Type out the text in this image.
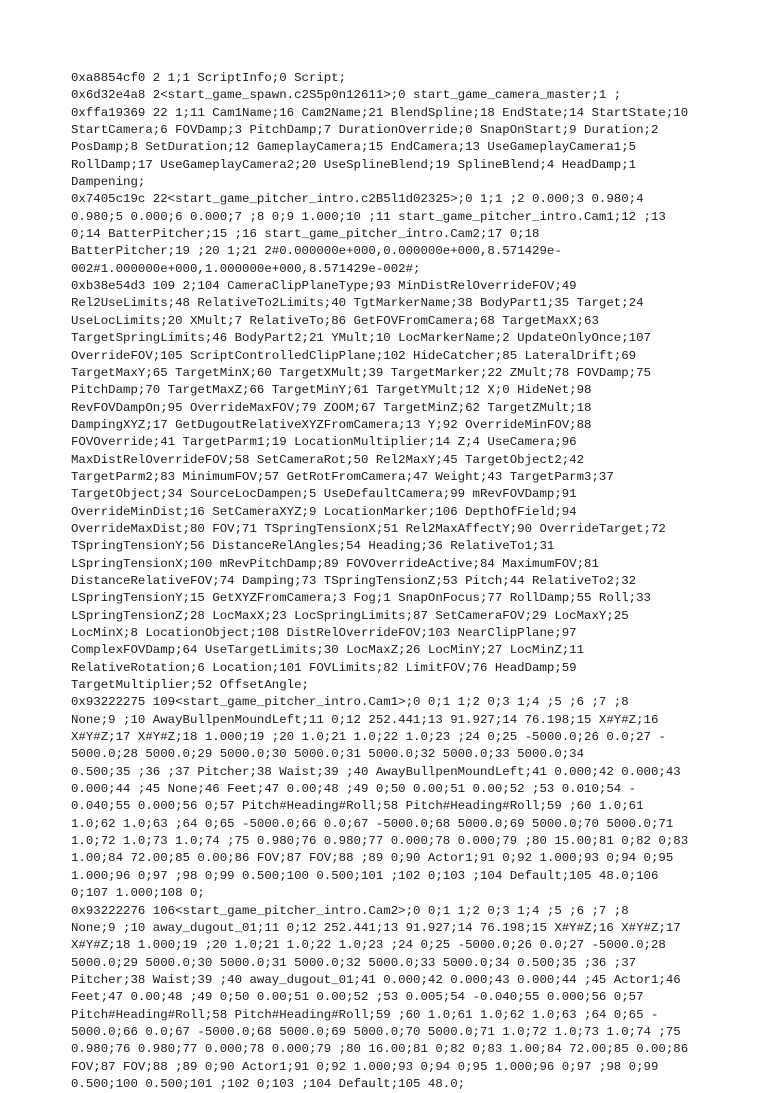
0xa8854cf0 2 1;1 ScriptInfo;0 Script;
0x6d32e4a8 2<start_game_spawn.c2S5p0n12611>;0 start_game_camera_master;1 ;
0xffa19369 22 1;11 Cam1Name;16 Cam2Name;21 BlendSpline;18 EndState;14 StartState;10
StartCamera;6 FOVDamp;3 PitchDamp;7 DurationOverride;0 SnapOnStart;9 Duration;2
PosDamp;8 SetDuration;12 GameplayCamera;15 EndCamera;13 UseGameplayCamera1;5
RollDamp;17 UseGameplayCamera2;20 UseSplineBlend;19 SplineBlend;4 HeadDamp;1
Dampening;
0x7405c19c 22<start_game_pitcher_intro.c2B5l1d02325>;0 1;1 ;2 0.000;3 0.980;4
0.980;5 0.000;6 0.000;7 ;8 0;9 1.000;10 ;11 start_game_pitcher_intro.Cam1;12 ;13
0;14 BatterPitcher;15 ;16 start_game_pitcher_intro.Cam2;17 0;18
BatterPitcher;19 ;20 1;21 2#0.000000e+000,0.000000e+000,8.571429e-
002#1.000000e+000,1.000000e+000,8.571429e-002#;
0xb38e54d3 109 2;104 CameraClipPlaneType;93 MinDistRelOverrideFOV;49
Rel2UseLimits;48 RelativeTo2Limits;40 TgtMarkerName;38 BodyPart1;35 Target;24
UseLocLimits;20 XMult;7 RelativeTo;86 GetFOVFromCamera;68 TargetMaxX;63
TargetSpringLimits;46 BodyPart2;21 YMult;10 LocMarkerName;2 UpdateOnlyOnce;107
OverrideFOV;105 ScriptControlledClipPlane;102 HideCatcher;85 LateralDrift;69
TargetMaxY;65 TargetMinX;60 TargetXMult;39 TargetMarker;22 ZMult;78 FOVDamp;75
PitchDamp;70 TargetMaxZ;66 TargetMinY;61 TargetYMult;12 X;0 HideNet;98
RevFOVDampOn;95 OverrideMaxFOV;79 ZOOM;67 TargetMinZ;62 TargetZMult;18
DampingXYZ;17 GetDugoutRelativeXYZFromCamera;13 Y;92 OverrideMinFOV;88
FOVOverride;41 TargetParm1;19 LocationMultiplier;14 Z;4 UseCamera;96
MaxDistRelOverrideFOV;58 SetCameraRot;50 Rel2MaxY;45 TargetObject2;42
TargetParm2;83 MinimumFOV;57 GetRotFromCamera;47 Weight;43 TargetParm3;37
TargetObject;34 SourceLocDampen;5 UseDefaultCamera;99 mRevFOVDamp;91
OverrideMinDist;16 SetCameraXYZ;9 LocationMarker;106 DepthOfField;94
OverrideMaxDist;80 FOV;71 TSpringTensionX;51 Rel2MaxAffectY;90 OverrideTarget;72
TSpringTensionY;56 DistanceRelAngles;54 Heading;36 RelativeTo1;31
LSpringTensionX;100 mRevPitchDamp;89 FOVOverrideActive;84 MaximumFOV;81
DistanceRelativeFOV;74 Damping;73 TSpringTensionZ;53 Pitch;44 RelativeTo2;32
LSpringTensionY;15 GetXYZFromCamera;3 Fog;1 SnapOnFocus;77 RollDamp;55 Roll;33
LSpringTensionZ;28 LocMaxX;23 LocSpringLimits;87 SetCameraFOV;29 LocMaxY;25
LocMinX;8 LocationObject;108 DistRelOverrideFOV;103 NearClipPlane;97
ComplexFOVDamp;64 UseTargetLimits;30 LocMaxZ;26 LocMinY;27 LocMinZ;11
RelativeRotation;6 Location;101 FOVLimits;82 LimitFOV;76 HeadDamp;59
TargetMultiplier;52 OffsetAngle;
0x93222275 109<start_game_pitcher_intro.Cam1>;0 0;1 1;2 0;3 1;4 ;5 ;6 ;7 ;8
None;9 ;10 AwayBullpenMoundLeft;11 0;12 252.441;13 91.927;14 76.198;15 X#Y#Z;16
X#Y#Z;17 X#Y#Z;18 1.000;19 ;20 1.0;21 1.0;22 1.0;23 ;24 0;25 -5000.0;26 0.0;27 -
5000.0;28 5000.0;29 5000.0;30 5000.0;31 5000.0;32 5000.0;33 5000.0;34
0.500;35 ;36 ;37 Pitcher;38 Waist;39 ;40 AwayBullpenMoundLeft;41 0.000;42 0.000;43
0.000;44 ;45 None;46 Feet;47 0.00;48 ;49 0;50 0.00;51 0.00;52 ;53 0.010;54 -
0.040;55 0.000;56 0;57 Pitch#Heading#Roll;58 Pitch#Heading#Roll;59 ;60 1.0;61
1.0;62 1.0;63 ;64 0;65 -5000.0;66 0.0;67 -5000.0;68 5000.0;69 5000.0;70 5000.0;71
1.0;72 1.0;73 1.0;74 ;75 0.980;76 0.980;77 0.000;78 0.000;79 ;80 15.00;81 0;82 0;83
1.00;84 72.00;85 0.00;86 FOV;87 FOV;88 ;89 0;90 Actor1;91 0;92 1.000;93 0;94 0;95
1.000;96 0;97 ;98 0;99 0.500;100 0.500;101 ;102 0;103 ;104 Default;105 48.0;106
0;107 1.000;108 0;
0x93222276 106<start_game_pitcher_intro.Cam2>;0 0;1 1;2 0;3 1;4 ;5 ;6 ;7 ;8
None;9 ;10 away_dugout_01;11 0;12 252.441;13 91.927;14 76.198;15 X#Y#Z;16 X#Y#Z;17
X#Y#Z;18 1.000;19 ;20 1.0;21 1.0;22 1.0;23 ;24 0;25 -5000.0;26 0.0;27 -5000.0;28
5000.0;29 5000.0;30 5000.0;31 5000.0;32 5000.0;33 5000.0;34 0.500;35 ;36 ;37
Pitcher;38 Waist;39 ;40 away_dugout_01;41 0.000;42 0.000;43 0.000;44 ;45 Actor1;46
Feet;47 0.00;48 ;49 0;50 0.00;51 0.00;52 ;53 0.005;54 -0.040;55 0.000;56 0;57
Pitch#Heading#Roll;58 Pitch#Heading#Roll;59 ;60 1.0;61 1.0;62 1.0;63 ;64 0;65 -
5000.0;66 0.0;67 -5000.0;68 5000.0;69 5000.0;70 5000.0;71 1.0;72 1.0;73 1.0;74 ;75
0.980;76 0.980;77 0.000;78 0.000;79 ;80 16.00;81 0;82 0;83 1.00;84 72.00;85 0.00;86
FOV;87 FOV;88 ;89 0;90 Actor1;91 0;92 1.000;93 0;94 0;95 1.000;96 0;97 ;98 0;99
0.500;100 0.500;101 ;102 0;103 ;104 Default;105 48.0;
